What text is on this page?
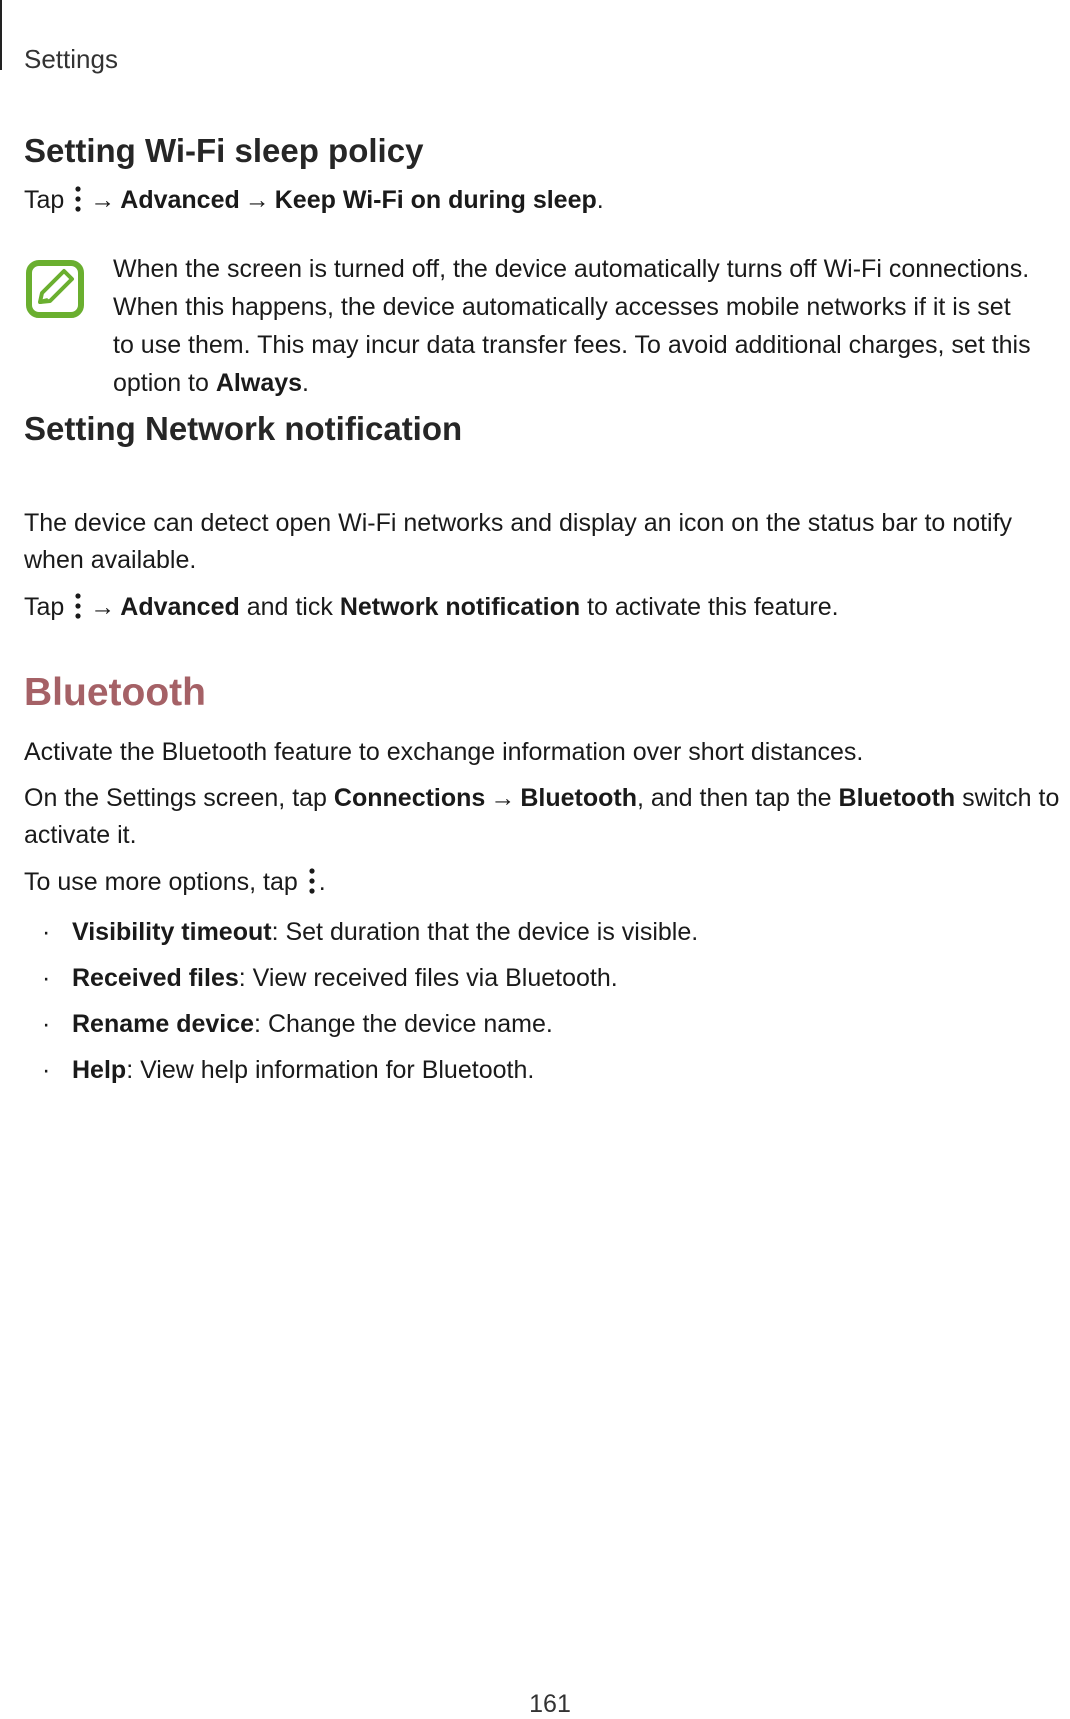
Settings
Setting Wi-Fi sleep policy

Tap → Advanced → Keep Wi-Fi on during sleep.

When the screen is turned off, the device automatically turns off Wi-Fi connections.
When this happens, the device automatically accesses mobile networks if it is set
to use them. This may incur data transfer fees. To avoid additional charges, set this
option to Always.
Setting Network notification

The device can detect open Wi-Fi networks and display an icon on the status bar to notify

when available.

Tap → Advanced and tick Network notification to activate this feature.

Bluetooth

Activate the Bluetooth feature to exchange information over short distances.

On the Settings screen, tap Connections → Bluetooth, and then tap the Bluetooth switch to

activate it.

To use more options, tap .

· Visibility timeout: Set duration that the device is visible.
· Received files: View received files via Bluetooth.
· Rename device: Change the device name.
· Help: View help information for Bluetooth.
161
